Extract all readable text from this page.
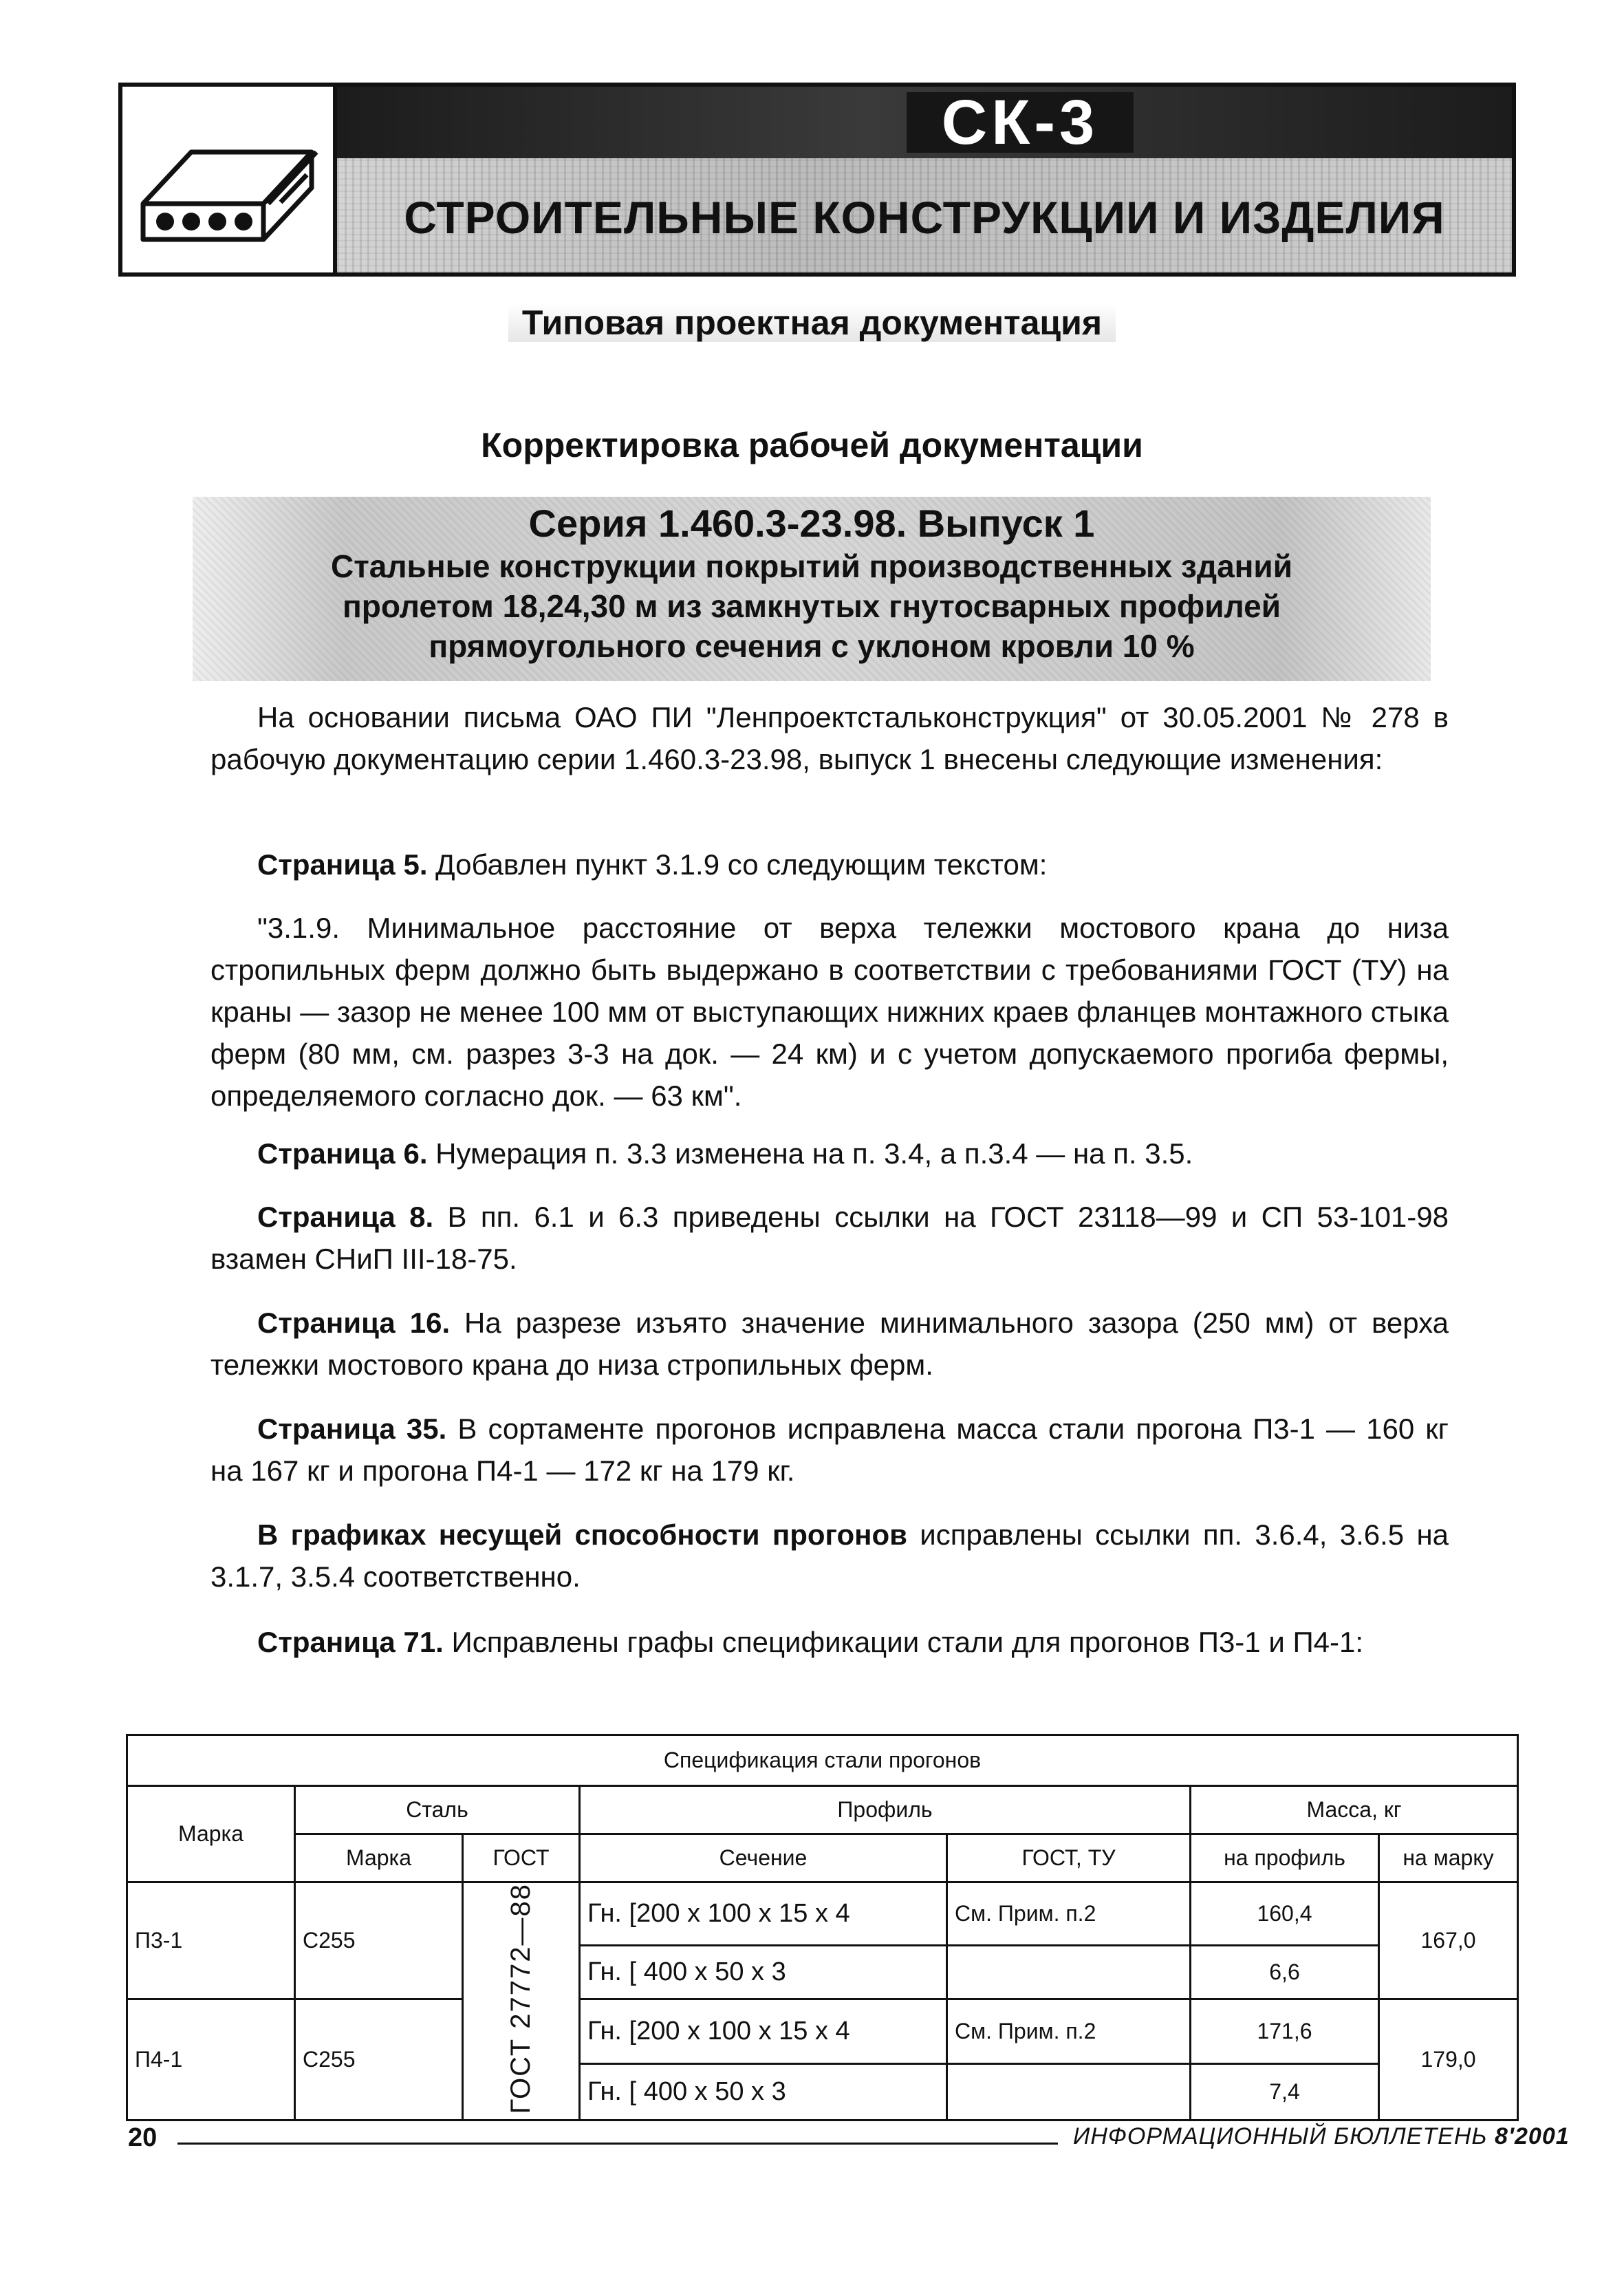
СК-3
СТРОИТЕЛЬНЫЕ КОНСТРУКЦИИ И ИЗДЕЛИЯ
Типовая проектная документация
Корректировка рабочей документации
Серия 1.460.3-23.98. Выпуск 1
Стальные конструкции покрытий производственных зданий
пролетом 18,24,30 м из замкнутых гнутосварных профилей
прямоугольного сечения с уклоном кровли 10 %
На основании письма ОАО ПИ "Ленпроектстальконструкция" от 30.05.2001 № 278 в рабочую документацию серии 1.460.3-23.98, выпуск 1 внесены следующие изменения:
Страница 5. Добавлен пункт 3.1.9 со следующим текстом:
"3.1.9. Минимальное расстояние от верха тележки мостового крана до низа стропильных ферм должно быть выдержано в соответствии с требованиями ГОСТ (ТУ) на краны — зазор не менее 100 мм от выступающих нижних краев фланцев монтажного стыка ферм (80 мм, см. разрез 3-3 на док. — 24 км) и с учетом допускаемого прогиба фермы, определяемого согласно док. — 63 км".
Страница 6. Нумерация п. 3.3 изменена на п. 3.4, а п.3.4 — на п. 3.5.
Страница 8. В пп. 6.1 и 6.3 приведены ссылки на ГОСТ 23118—99 и СП 53-101-98 взамен СНиП III-18-75.
Страница 16. На разрезе изъято значение минимального зазора (250 мм) от верха тележки мостового крана до низа стропильных ферм.
Страница 35. В сортаменте прогонов исправлена масса стали прогона П3-1 — 160 кг на 167 кг и прогона П4-1 — 172 кг на 179 кг.
В графиках несущей способности прогонов исправлены ссылки пп. 3.6.4, 3.6.5 на 3.1.7, 3.5.4 соответственно.
Страница 71. Исправлены графы спецификации стали для прогонов П3-1 и П4-1:
Спецификация стали прогонов						
Марка	Сталь		Профиль		Масса, кг	
	Марка	ГОСТ	Сечение	ГОСТ, ТУ	на профиль	на марку
П3-1	С255	ГОСТ 27772—88	Гн. [200 х 100 х 15 х 4	См. Прим. п.2	160,4	167,0
			Гн. [ 400 х 50 х 3		6,6	
П4-1	С255		Гн. [200 х 100 х 15 х 4	См. Прим. п.2	171,6	179,0
			Гн. [ 400 х 50 х 3		7,4	
20	ИНФОРМАЦИОННЫЙ БЮЛЛЕТЕНЬ 8'2001
